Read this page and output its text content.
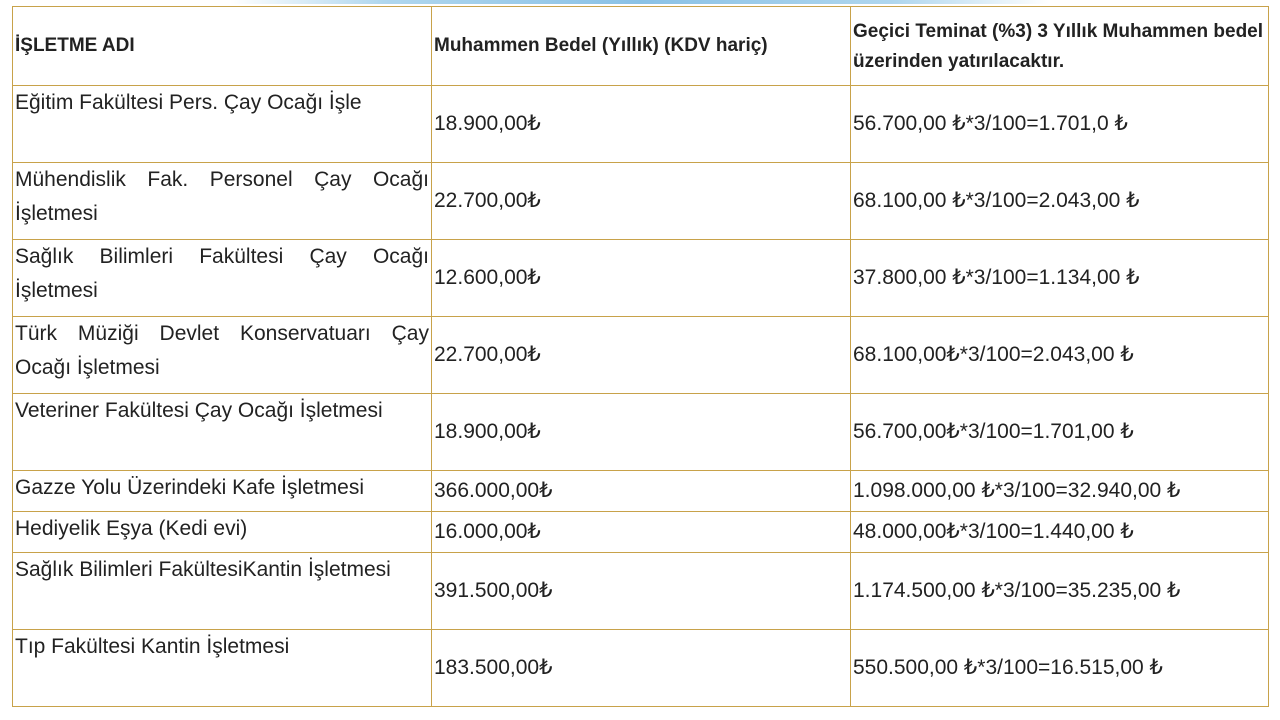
İŞLETME ADI	Muhammen Bedel (Yıllık) (KDV hariç)	Geçici Teminat (%3) 3 Yıllık Muhammen bedel üzerinden yatırılacaktır.
Eğitim Fakültesi Pers. Çay Ocağı İşle	18.900,00₺	56.700,00 ₺*3/100=1.701,0 ₺
Mühendislik Fak. Personel Çay Ocağı İşletmesi	22.700,00₺	68.100,00 ₺*3/100=2.043,00 ₺
Sağlık Bilimleri Fakültesi Çay Ocağı İşletmesi	12.600,00₺	37.800,00 ₺*3/100=1.134,00 ₺
Türk Müziği Devlet Konservatuarı Çay Ocağı İşletmesi	22.700,00₺	68.100,00₺*3/100=2.043,00 ₺
Veteriner Fakültesi Çay Ocağı İşletmesi	18.900,00₺	56.700,00₺*3/100=1.701,00 ₺
Gazze Yolu Üzerindeki Kafe İşletmesi	366.000,00₺	1.098.000,00 ₺*3/100=32.940,00 ₺
Hediyelik Eşya (Kedi evi)	16.000,00₺	48.000,00₺*3/100=1.440,00 ₺
Sağlık Bilimleri FakültesiKantin İşletmesi	391.500,00₺	1.174.500,00 ₺*3/100=35.235,00 ₺
Tıp Fakültesi Kantin İşletmesi	183.500,00₺	550.500,00 ₺*3/100=16.515,00 ₺
